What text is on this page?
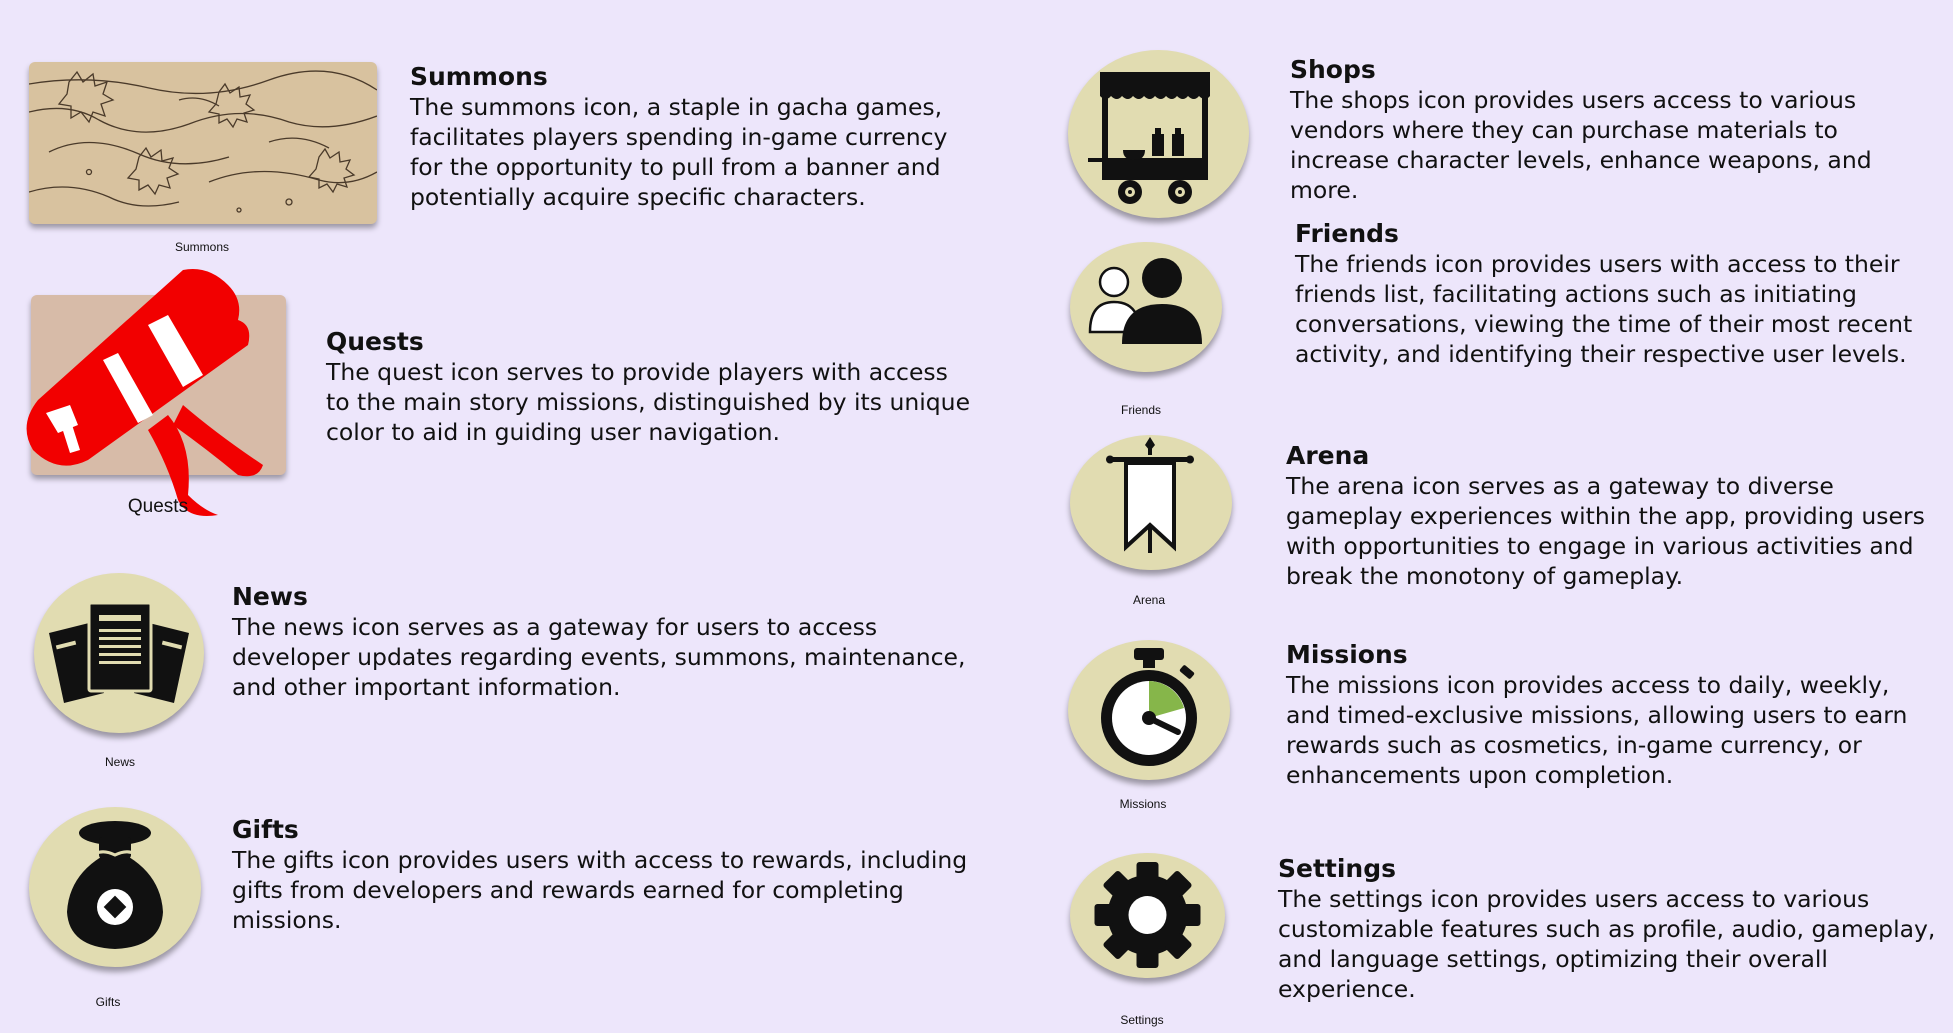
Summons
Summons
The summons icon, a staple in gacha games, facilitates players spending in-game currency for the opportunity to pull from a banner and potentially acquire specific characters.
Quests
Quests
The quest icon serves to provide players with access to the main story missions, distinguished by its unique color to aid in guiding user navigation.
News
News
The news icon serves as a gateway for users to access developer updates regarding events, summons, maintenance, and other important information.
Gifts
Gifts
The gifts icon provides users with access to rewards, including gifts from developers and rewards earned for completing missions.
Shops
The shops icon provides users access to various vendors where they can purchase materials to increase character levels, enhance weapons, and more.
Friends
Friends
The friends icon provides users with access to their friends list, facilitating actions such as initiating conversations, viewing the time of their most recent activity, and identifying their respective user levels.
Arena
Arena
The arena icon serves as a gateway to diverse gameplay experiences within the app, providing users with opportunities to engage in various activities and break the monotony of gameplay.
Missions
Missions
The missions icon provides access to daily, weekly, and timed-exclusive missions, allowing users to earn rewards such as cosmetics, in-game currency, or enhancements upon completion.
Settings
Settings
The settings icon provides users access to various customizable features such as profile, audio, gameplay, and language settings, optimizing their overall experience.
